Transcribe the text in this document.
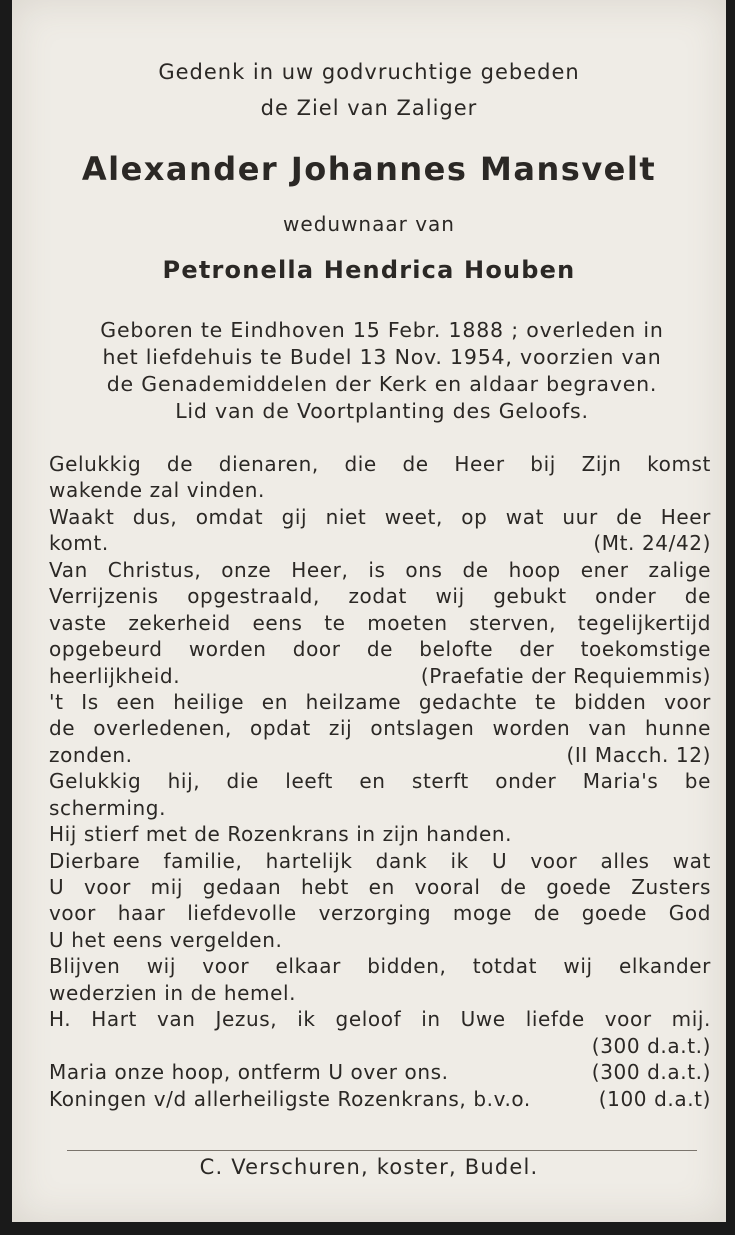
Gedenk in uw godvruchtige gebeden
de Ziel van Zaliger
Alexander Johannes Mansvelt
weduwnaar van
Petronella Hendrica Houben
Geboren te Eindhoven 15 Febr. 1888 ; overleden in
het liefdehuis te Budel 13 Nov. 1954, voorzien van
de Genademiddelen der Kerk en aldaar begraven.
Lid van de Voortplanting des Geloofs.
Gelukkig de dienaren, die de Heer bij Zijn komst
wakende zal vinden.
Waakt dus, omdat gij niet weet, op wat uur de Heer
komt.	(Mt. 24/42)
Van Christus, onze Heer, is ons de hoop ener zalige
Verrijzenis opgestraald, zodat wij gebukt onder de
vaste zekerheid eens te moeten sterven, tegelijkertijd
opgebeurd worden door de belofte der toekomstige
heerlijkheid.	(Praefatie der Requiemmis)
't Is een heilige en heilzame gedachte te bidden voor
de overledenen, opdat zij ontslagen worden van hunne
zonden.	(II Macch. 12)
Gelukkig hij, die leeft en sterft onder Maria's be
scherming.
Hij stierf met de Rozenkrans in zijn handen.
Dierbare familie, hartelijk dank ik U voor alles wat
U voor mij gedaan hebt en vooral de goede Zusters
voor haar liefdevolle verzorging moge de goede God
U het eens vergelden.
Blijven wij voor elkaar bidden, totdat wij elkander
wederzien in de hemel.
H. Hart van Jezus, ik geloof in Uwe liefde voor mij.
(300 d.a.t.)
Maria onze hoop, ontferm U over ons.	(300 d.a.t.)
Koningen v/d allerheiligste Rozenkrans, b.v.o.	(100 d.a.t)
C. Verschuren, koster, Budel.
